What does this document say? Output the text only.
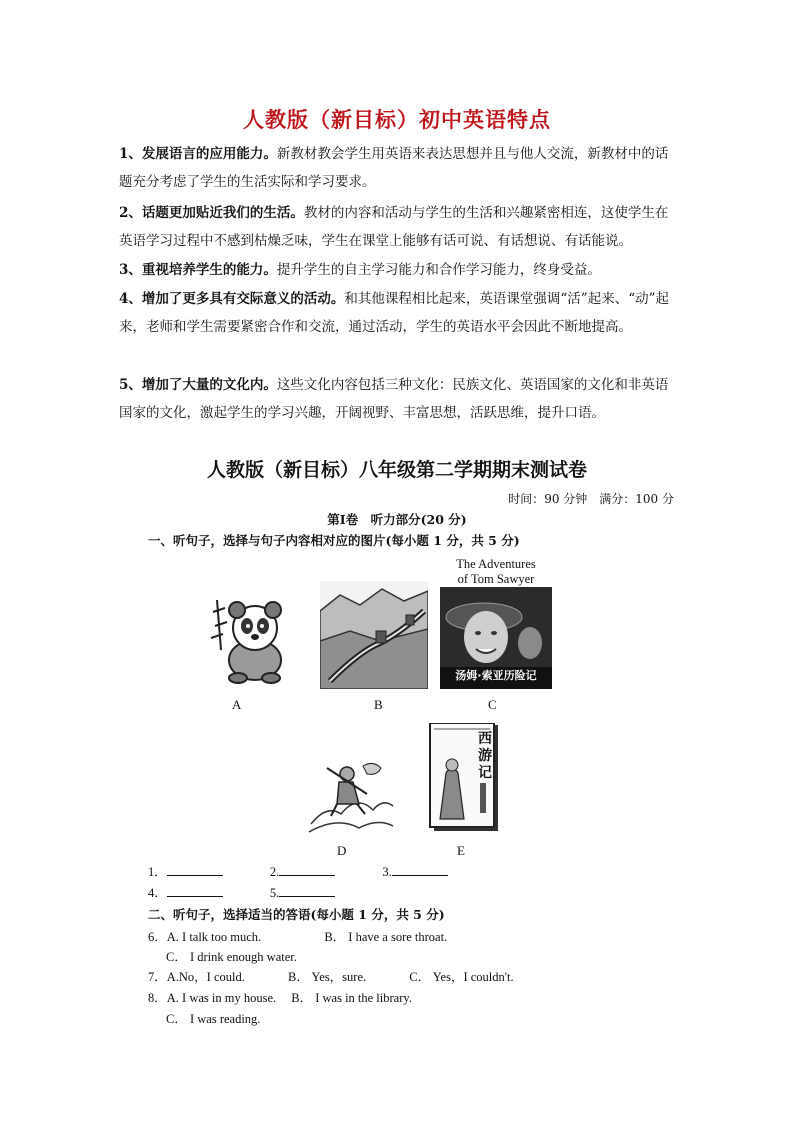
人教版（新目标）初中英语特点
1、发展语言的应用能力。新教材教会学生用英语来表达思想并且与他人交流，新教材中的话题充分考虑了学生的生活实际和学习要求。
2、话题更加贴近我们的生活。教材的内容和活动与学生的生活和兴趣紧密相连，这使学生在英语学习过程中不感到枯燥乏味，学生在课堂上能够有话可说、有话想说、有话能说。
3、重视培养学生的能力。提升学生的自主学习能力和合作学习能力，终身受益。
4、增加了更多具有交际意义的活动。和其他课程相比起来，英语课堂强调“活”起来、“动”起来，老师和学生需要紧密合作和交流，通过活动，学生的英语水平会因此不断地提高。
5、增加了大量的文化内。这些文化内容包括三种文化：民族文化、英语国家的文化和非英语国家的文化，激起学生的学习兴趣，开阔视野、丰富思想，活跃思维，提升口语。
人教版（新目标）八年级第二学期期末测试卷
时间：90 分钟　满分：100 分
第Ⅰ卷　听力部分(20 分)
一、听句子，选择与句子内容相对应的图片(每小题 1 分，共 5 分)
A	B
The Adventures
of Tom Sawyer
汤姆·索亚历险记
C
D
西游记
E
1．	2.	3.
4．	5.
二、听句子，选择适当的答语(每小题 1 分，共 5 分)
6．A. I talk too much.	B． I have a sore throat.
C． I drink enough water.
7．A.No，I could.	B． Yes，sure.	C． Yes，I couldn't.
8．A. I was in my house. B． I was in the library.
C． I was reading.
